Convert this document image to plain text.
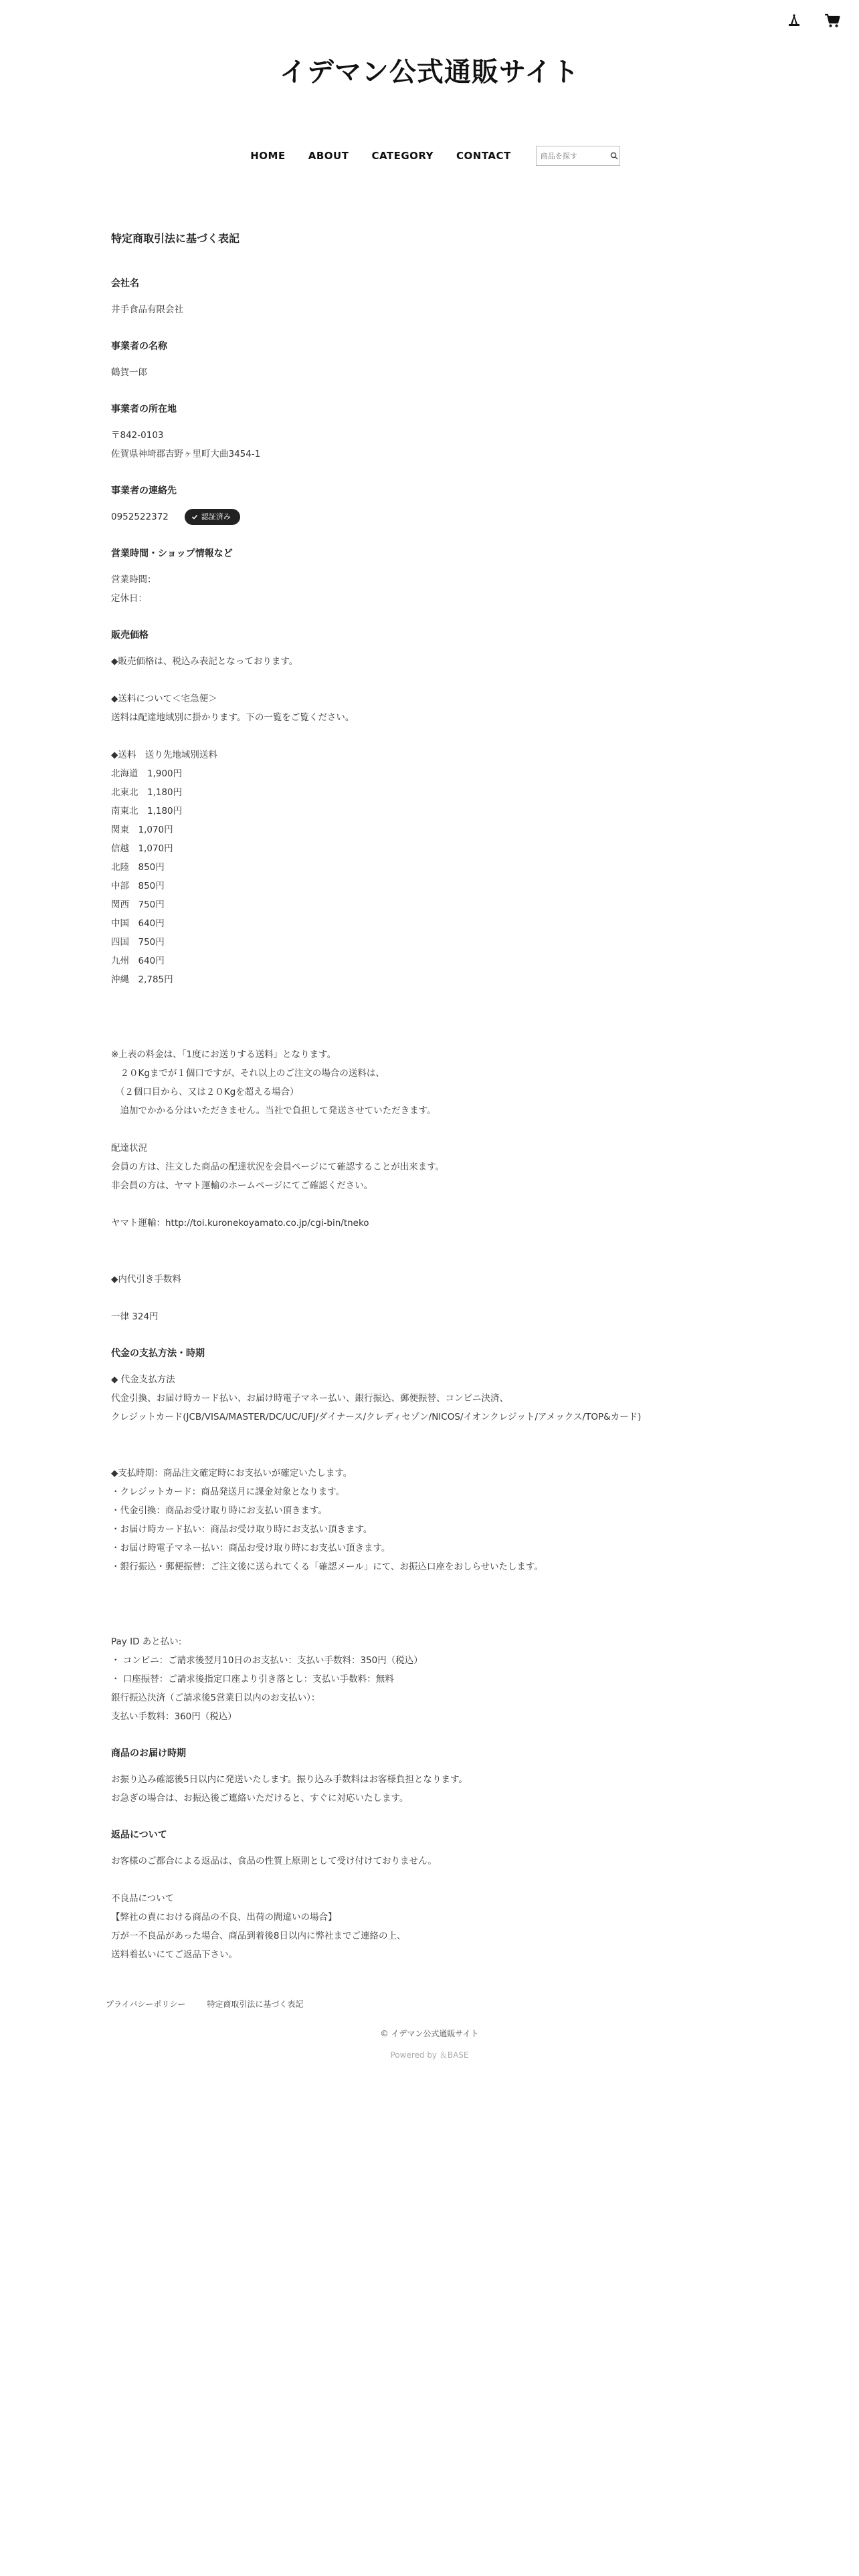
イデマン公式通販サイト
HOME ABOUT CATEGORY CONTACT
商品を探す
特定商取引法に基づく表記
会社名
井手食品有限会社
事業者の名称
鶴賀一郎
事業者の所在地
〒842-0103
佐賀県神埼郡吉野ヶ里町大曲3454-1
事業者の連絡先
0952522372	認証済み
営業時間・ショップ情報など
営業時間：
定休日：
販売価格
◆販売価格は、税込み表記となっております。
◆送料について＜宅急便＞
送料は配達地域別に掛かります。下の一覧をご覧ください。
◆送料　送り先地域別送料
北海道　1,900円
北東北　1,180円
南東北　1,180円
関東　1,070円
信越　1,070円
北陸　850円
中部　850円
関西　750円
中国　640円
四国　750円
九州　640円
沖縄　2,785円
※上表の料金は、「1度にお送りする送料」となります。
　２０Kgまでが１個口ですが、それ以上のご注文の場合の送料は、
　（２個口目から、又は２０Kgを超える場合）
　追加でかかる分はいただきません。当社で負担して発送させていただきます。
配達状況
会員の方は、注文した商品の配達状況を会員ページにて確認することが出来ます。
非会員の方は、ヤマト運輸のホームページにてご確認ください。
ヤマト運輸：http://toi.kuronekoyamato.co.jp/cgi-bin/tneko
◆内代引き手数料
一律 324円
代金の支払方法・時期
◆ 代金支払方法
代金引換、お届け時カード払い、お届け時電子マネー払い、銀行振込、郵便振替、コンビニ決済、
クレジットカード(JCB/VISA/MASTER/DC/UC/UFJ/ダイナース/クレディセゾン/NICOS/イオンクレジット/アメックス/TOP&カード)
◆支払時期：商品注文確定時にお支払いが確定いたします。
・クレジットカード：商品発送月に課金対象となります。
・代金引換：商品お受け取り時にお支払い頂きます。
・お届け時カード払い：商品お受け取り時にお支払い頂きます。
・お届け時電子マネー払い：商品お受け取り時にお支払い頂きます。
・銀行振込・郵便振替：ご注文後に送られてくる「確認メール」にて、お振込口座をおしらせいたします。
Pay ID あと払い:
・ コンビニ：ご請求後翌月10日のお支払い：支払い手数料：350円（税込）
・ 口座振替：ご請求後指定口座より引き落とし：支払い手数料：無料
銀行振込決済（ご請求後5営業日以内のお支払い）：
支払い手数料：360円（税込）
商品のお届け時期
お振り込み確認後5日以内に発送いたします。振り込み手数料はお客様負担となります。
お急ぎの場合は、お振込後ご連絡いただけると、すぐに対応いたします。
返品について
お客様のご都合による返品は、食品の性質上原則として受け付けておりません。
不良品について
【弊社の責における商品の不良、出荷の間違いの場合】
万が一不良品があった場合、商品到着後8日以内に弊社までご連絡の上、
送料着払いにてご返品下さい。
プライバシーポリシー	特定商取引法に基づく表記
© イデマン公式通販サイト
Powered by ＆BASE
